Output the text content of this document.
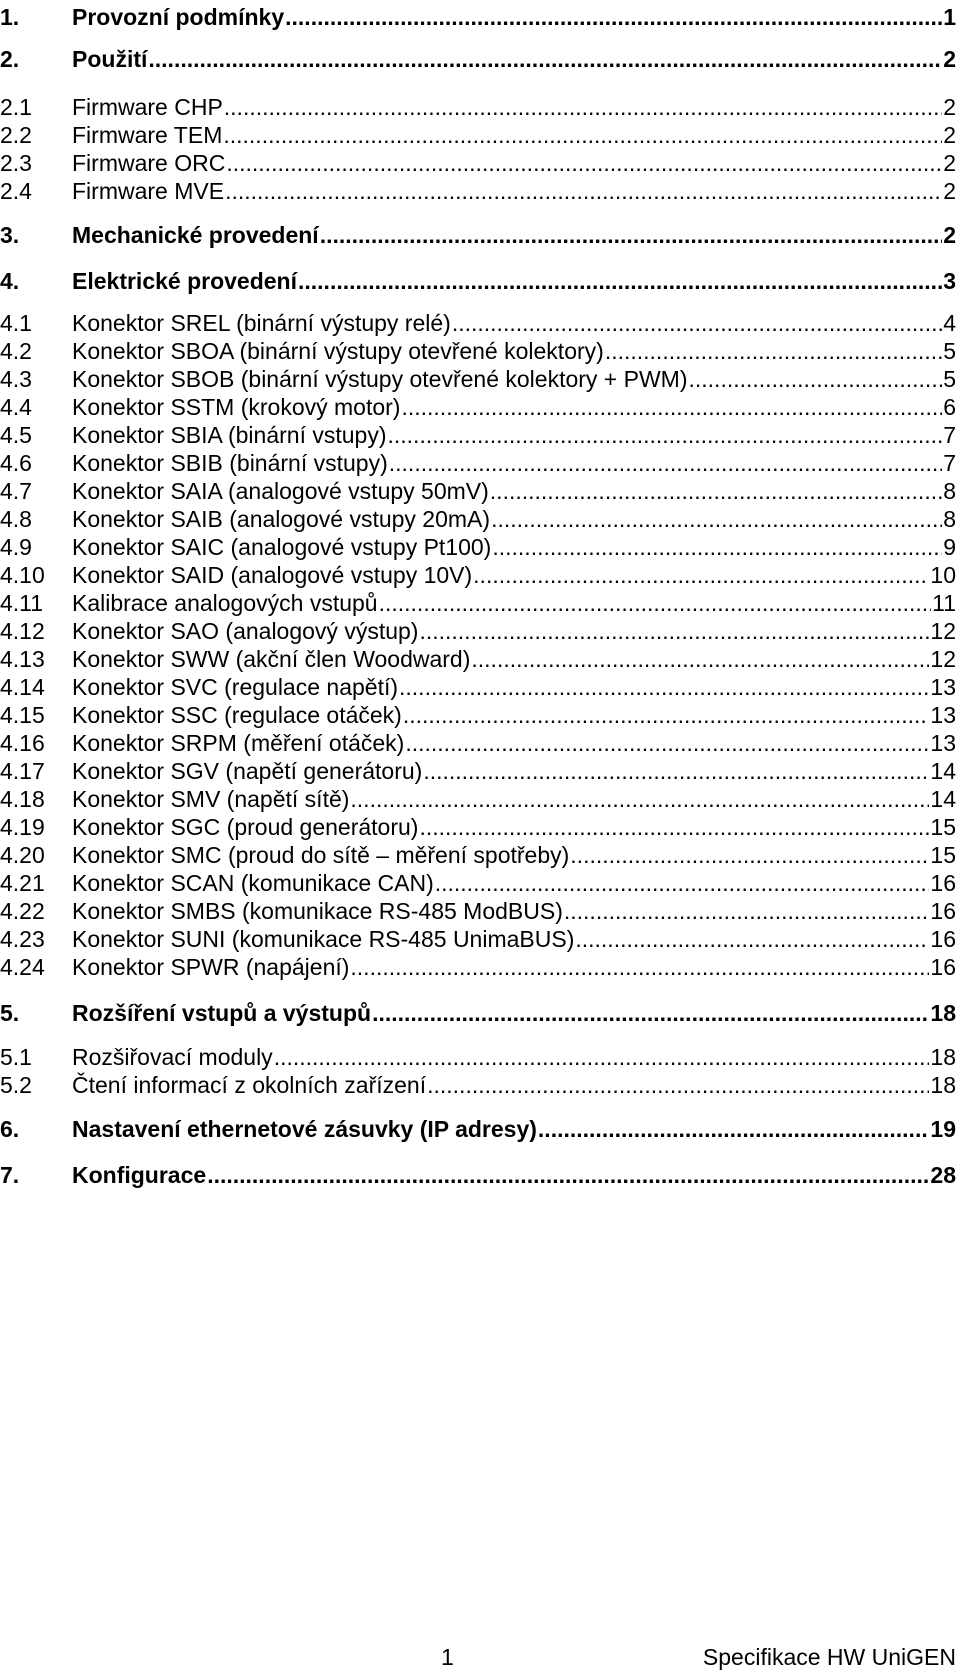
1.	Provozní podmínky .....	1
2.	Použití .....	2
2.1	Firmware CHP .....	2
2.2	Firmware TEM .....	2
2.3	Firmware ORC .....	2
2.4	Firmware MVE .....	2
3.	Mechanické provedení .....	2
4.	Elektrické provedení .....	3
4.1	Konektor SREL (binární výstupy relé) .....	4
4.2	Konektor SBOA (binární výstupy otevřené kolektory) .....	5
4.3	Konektor SBOB (binární výstupy otevřené kolektory + PWM) .....	5
4.4	Konektor SSTM (krokový motor) .....	6
4.5	Konektor SBIA (binární vstupy) .....	7
4.6	Konektor SBIB (binární vstupy) .....	7
4.7	Konektor SAIA (analogové vstupy 50mV) .....	8
4.8	Konektor SAIB (analogové vstupy 20mA) .....	8
4.9	Konektor SAIC (analogové vstupy Pt100) .....	9
4.10	Konektor SAID (analogové vstupy 10V) .....	10
4.11	Kalibrace analogových vstupů .....	11
4.12	Konektor SAO (analogový výstup) .....	12
4.13	Konektor SWW (akční člen Woodward) .....	12
4.14	Konektor SVC (regulace napětí) .....	13
4.15	Konektor SSC (regulace otáček) .....	13
4.16	Konektor SRPM (měření otáček) .....	13
4.17	Konektor SGV (napětí generátoru) .....	14
4.18	Konektor SMV (napětí sítě) .....	14
4.19	Konektor SGC (proud generátoru) .....	15
4.20	Konektor SMC (proud do sítě – měření spotřeby) .....	15
4.21	Konektor SCAN (komunikace CAN) .....	16
4.22	Konektor SMBS (komunikace RS-485 ModBUS) .....	16
4.23	Konektor SUNI (komunikace RS-485 UnimaBUS) .....	16
4.24	Konektor SPWR (napájení) .....	16
5.	Rozšíření vstupů a výstupů .....	18
5.1	Rozšiřovací moduly .....	18
5.2	Čtení informací z okolních zařízení .....	18
6.	Nastavení ethernetové zásuvky (IP adresy) .....	19
7.	Konfigurace .....	28
1	Specifikace HW UniGEN
